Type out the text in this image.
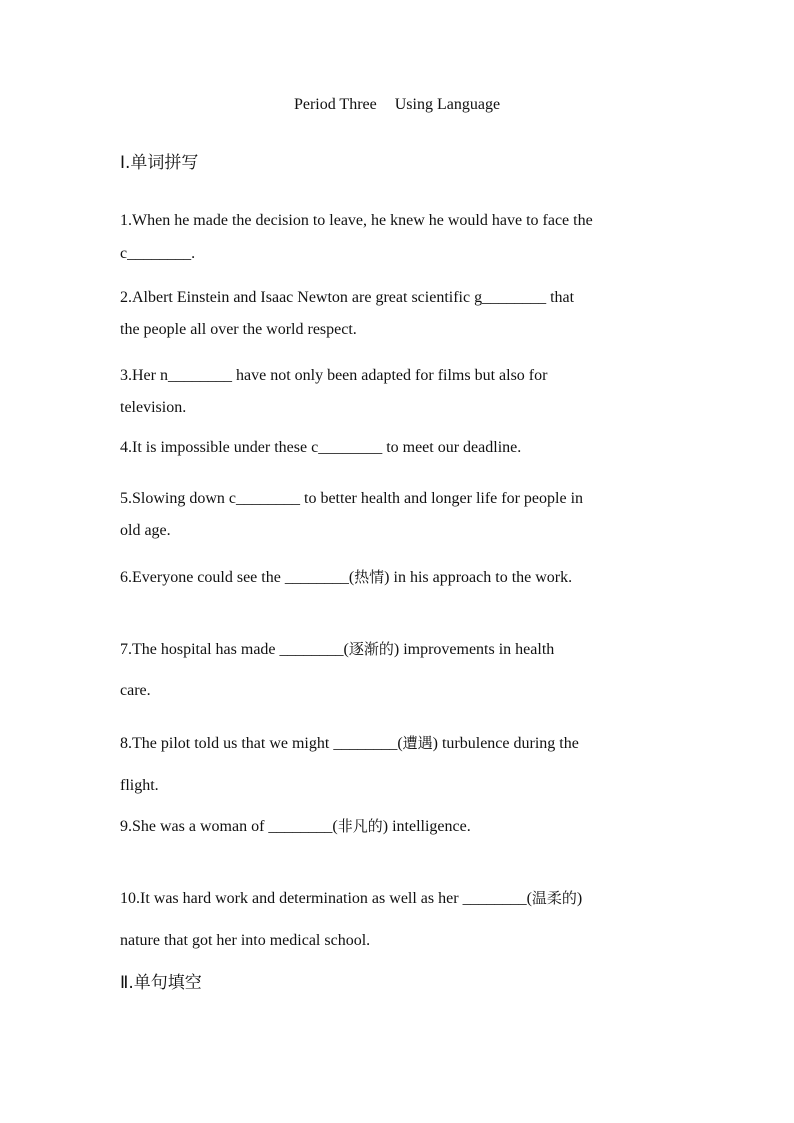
Period Three Using Language
Ⅰ.单词拼写
1.When he made the decision to leave, he knew he would have to face the
c________.
2.Albert Einstein and Isaac Newton are great scientific g________ that
the people all over the world respect.
3.Her n________ have not only been adapted for films but also for
television.
4.It is impossible under these c________ to meet our deadline.
5.Slowing down c________ to better health and longer life for people in
old age.
6.Everyone could see the ________(热情) in his approach to the work.
7.The hospital has made ________(逐渐的) improvements in health
care.
8.The pilot told us that we might ________(遭遇) turbulence during the
flight.
9.She was a woman of ________(非凡的) intelligence.
10.It was hard work and determination as well as her ________(温柔的)
nature that got her into medical school.
Ⅱ.单句填空
